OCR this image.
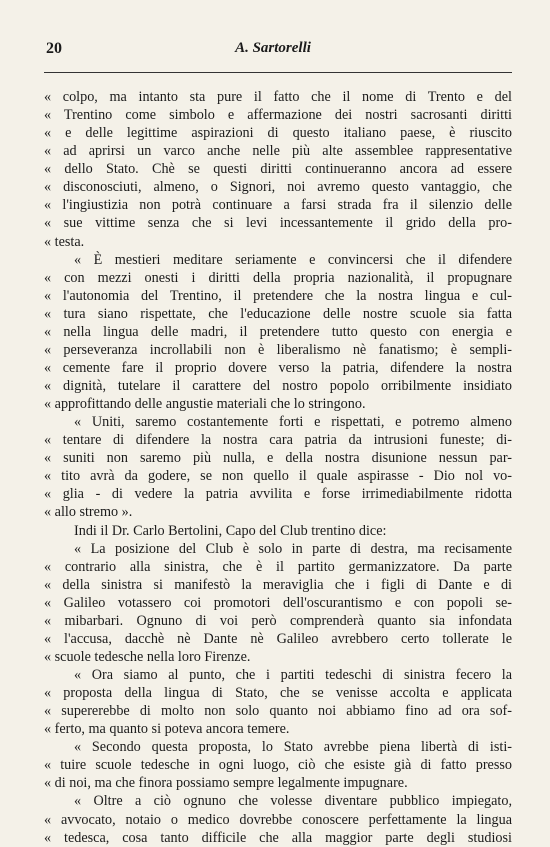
20	A. Sartorelli
« colpo, ma intanto sta pure il fatto che il nome di Trento e del
« Trentino come simbolo e affermazione dei nostri sacrosanti diritti
« e delle legittime aspirazioni di questo italiano paese, è riuscito
« ad aprirsi un varco anche nelle più alte assemblee rappresentative
« dello Stato. Chè se questi diritti continueranno ancora ad essere
« disconosciuti, almeno, o Signori, noi avremo questo vantaggio, che
« l'ingiustizia non potrà continuare a farsi strada fra il silenzio delle
« sue vittime senza che si levi incessantemente il grido della pro-
« testa.
« È mestieri meditare seriamente e convincersi che il difendere
« con mezzi onesti i diritti della propria nazionalità, il propugnare
« l'autonomia del Trentino, il pretendere che la nostra lingua e cul-
« tura siano rispettate, che l'educazione delle nostre scuole sia fatta
« nella lingua delle madri, il pretendere tutto questo con energia e
« perseveranza incrollabili non è liberalismo nè fanatismo; è sempli-
« cemente fare il proprio dovere verso la patria, difendere la nostra
« dignità, tutelare il carattere del nostro popolo orribilmente insidiato
« approfittando delle angustie materiali che lo stringono.
« Uniti, saremo costantemente forti e rispettati, e potremo almeno
« tentare di difendere la nostra cara patria da intrusioni funeste; di-
« suniti non saremo più nulla, e della nostra disunione nessun par-
« tito avrà da godere, se non quello il quale aspirasse - Dio nol vo-
« glia - di vedere la patria avvilita e forse irrimediabilmente ridotta
« allo stremo ».
Indi il Dr. Carlo Bertolini, Capo del Club trentino dice:
« La posizione del Club è solo in parte di destra, ma recisamente
« contrario alla sinistra, che è il partito germanizzatore. Da parte
« della sinistra si manifestò la meraviglia che i figli di Dante e di
« Galileo votassero coi promotori dell'oscurantismo e con popoli se-
« mibarbari. Ognuno di voi però comprenderà quanto sia infondata
« l'accusa, dacchè nè Dante nè Galileo avrebbero certo tollerate le
« scuole tedesche nella loro Firenze.
« Ora siamo al punto, che i partiti tedeschi di sinistra fecero la
« proposta della lingua di Stato, che se venisse accolta e applicata
« supererebbe di molto non solo quanto noi abbiamo fino ad ora sof-
« ferto, ma quanto si poteva ancora temere.
« Secondo questa proposta, lo Stato avrebbe piena libertà di isti-
« tuire scuole tedesche in ogni luogo, ciò che esiste già di fatto presso
« di noi, ma che finora possiamo sempre legalmente impugnare.
« Oltre a ciò ognuno che volesse diventare pubblico impiegato,
« avvocato, notaio o medico dovrebbe conoscere perfettamente la lingua
« tedesca, cosa tanto difficile che alla maggior parte degli studiosi
